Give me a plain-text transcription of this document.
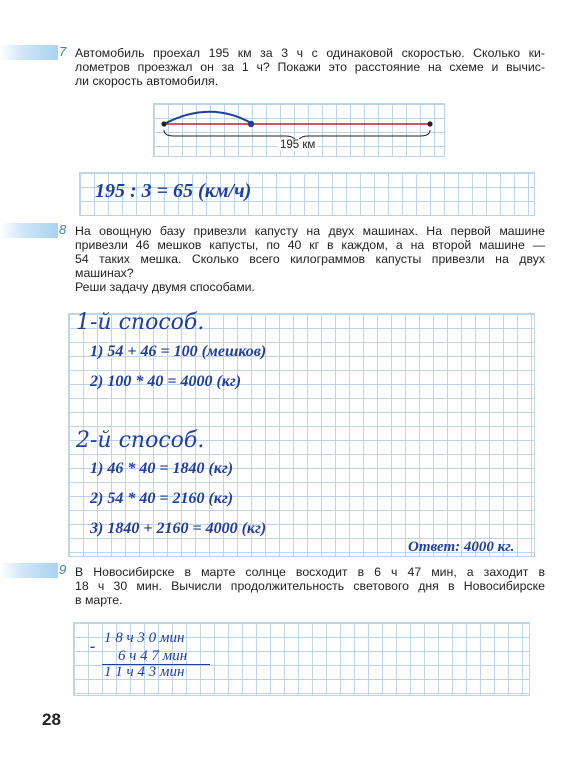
7 Автомобиль проехал 195 км за 3 ч с одинаковой скоростью. Сколько ки-
лометров проезжал он за 1 ч? Покажи это расстояние на схеме и вычис-
ли скорость автомобиля.
195 км
195 : 3 = 65 (км/ч)
8 На овощную базу привезли капусту на двух машинах. На первой машине
привезли 46 мешков капусты, по 40 кг в каждом, а на второй машине —
54 таких мешка. Сколько всего килограммов капусты привезли на двух
машинах?
Реши задачу двумя способами.
1-й способ.
1) 54 + 46 = 100 (мешков)
2) 100 * 40 = 4000 (кг)
2-й способ.
1) 46 * 40 = 1840 (кг)
2) 54 * 40 = 2160 (кг)
3) 1840 + 2160 = 4000 (кг)
Ответ: 4000 кг.
9 В Новосибирске в марте солнце восходит в 6 ч 47 мин, а заходит в
18 ч 30 мин. Вычисли продолжительность светового дня в Новосибирске
в марте.
- 1 8 ч 3 0 мин
6 ч 4 7 мин
1 1 ч 4 3 мин
28
